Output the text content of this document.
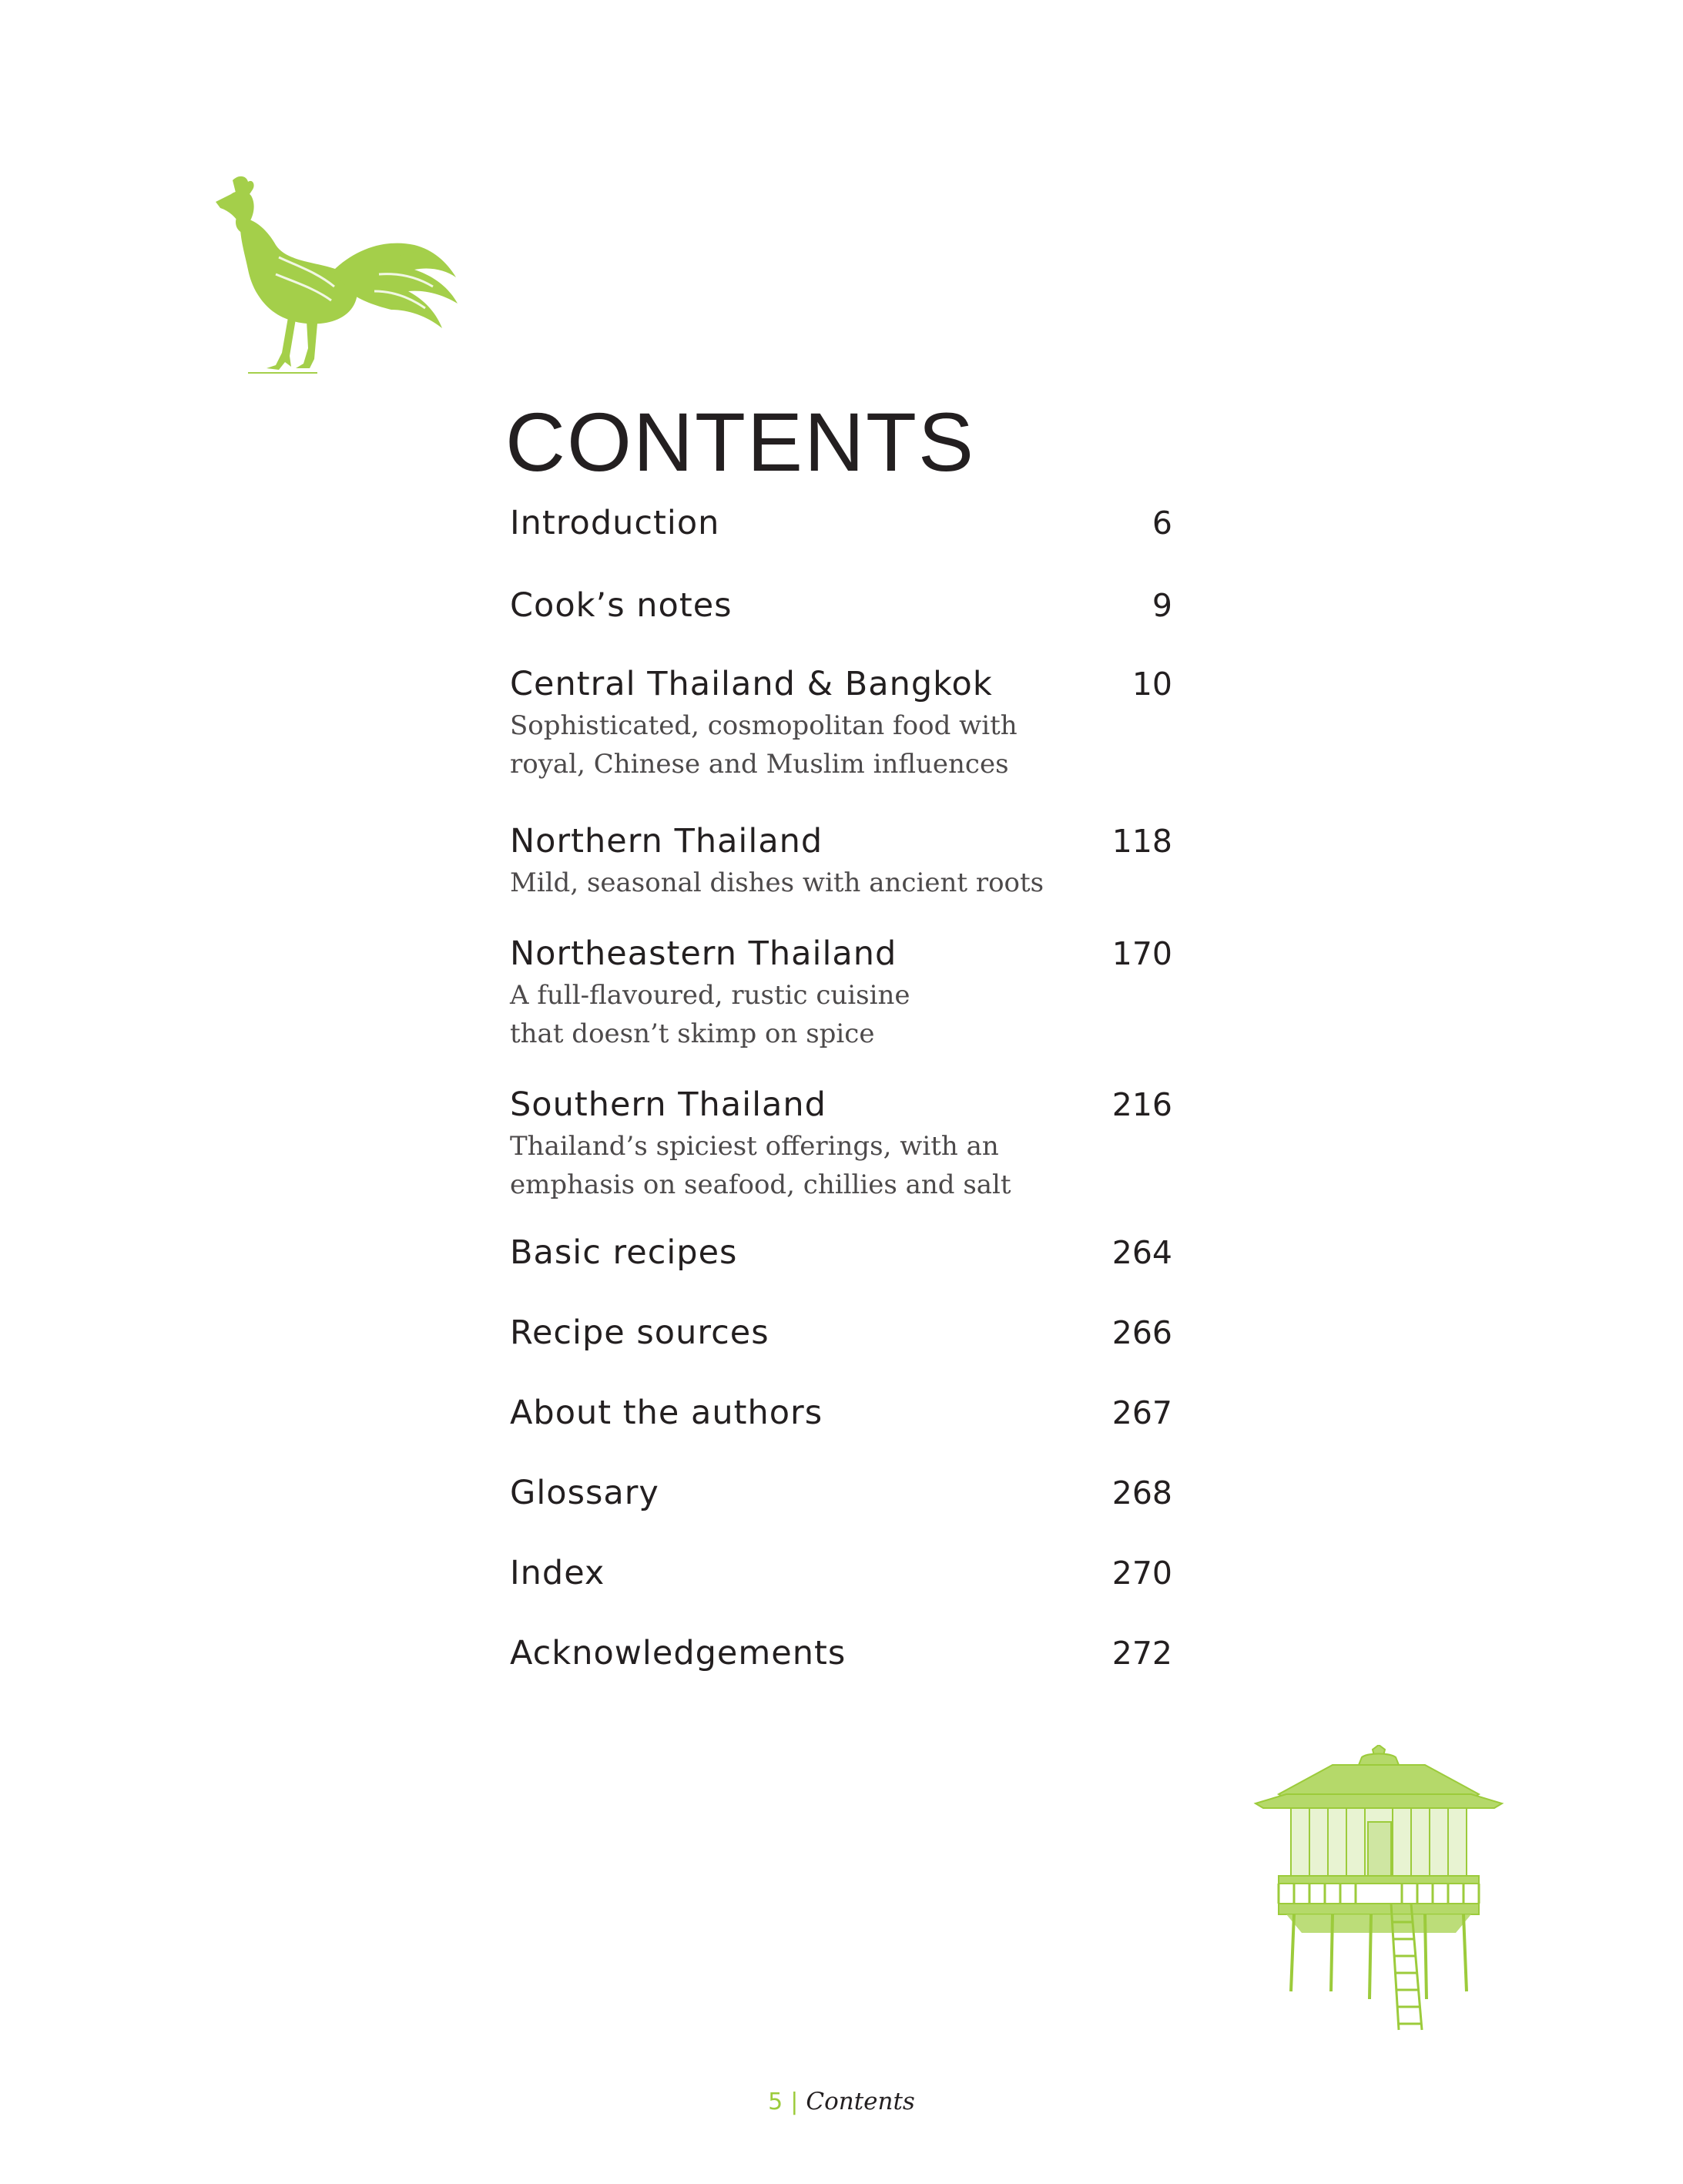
CONTENTS
Introduction	6
Cook’s notes	9
Central Thailand & Bangkok	10

Sophisticated, cosmopolitan food with
royal, Chinese and Muslim influences

Northern Thailand	118

Mild, seasonal dishes with ancient roots

Northeastern Thailand	170

A full-flavoured, rustic cuisine
that doesn’t skimp on spice

Southern Thailand	216

Thailand’s spiciest offerings, with an
emphasis on seafood, chillies and salt

Basic recipes	264
Recipe sources	266
About the authors	267
Glossary	268
Index	270
Acknowledgements	272
5 | Contents
